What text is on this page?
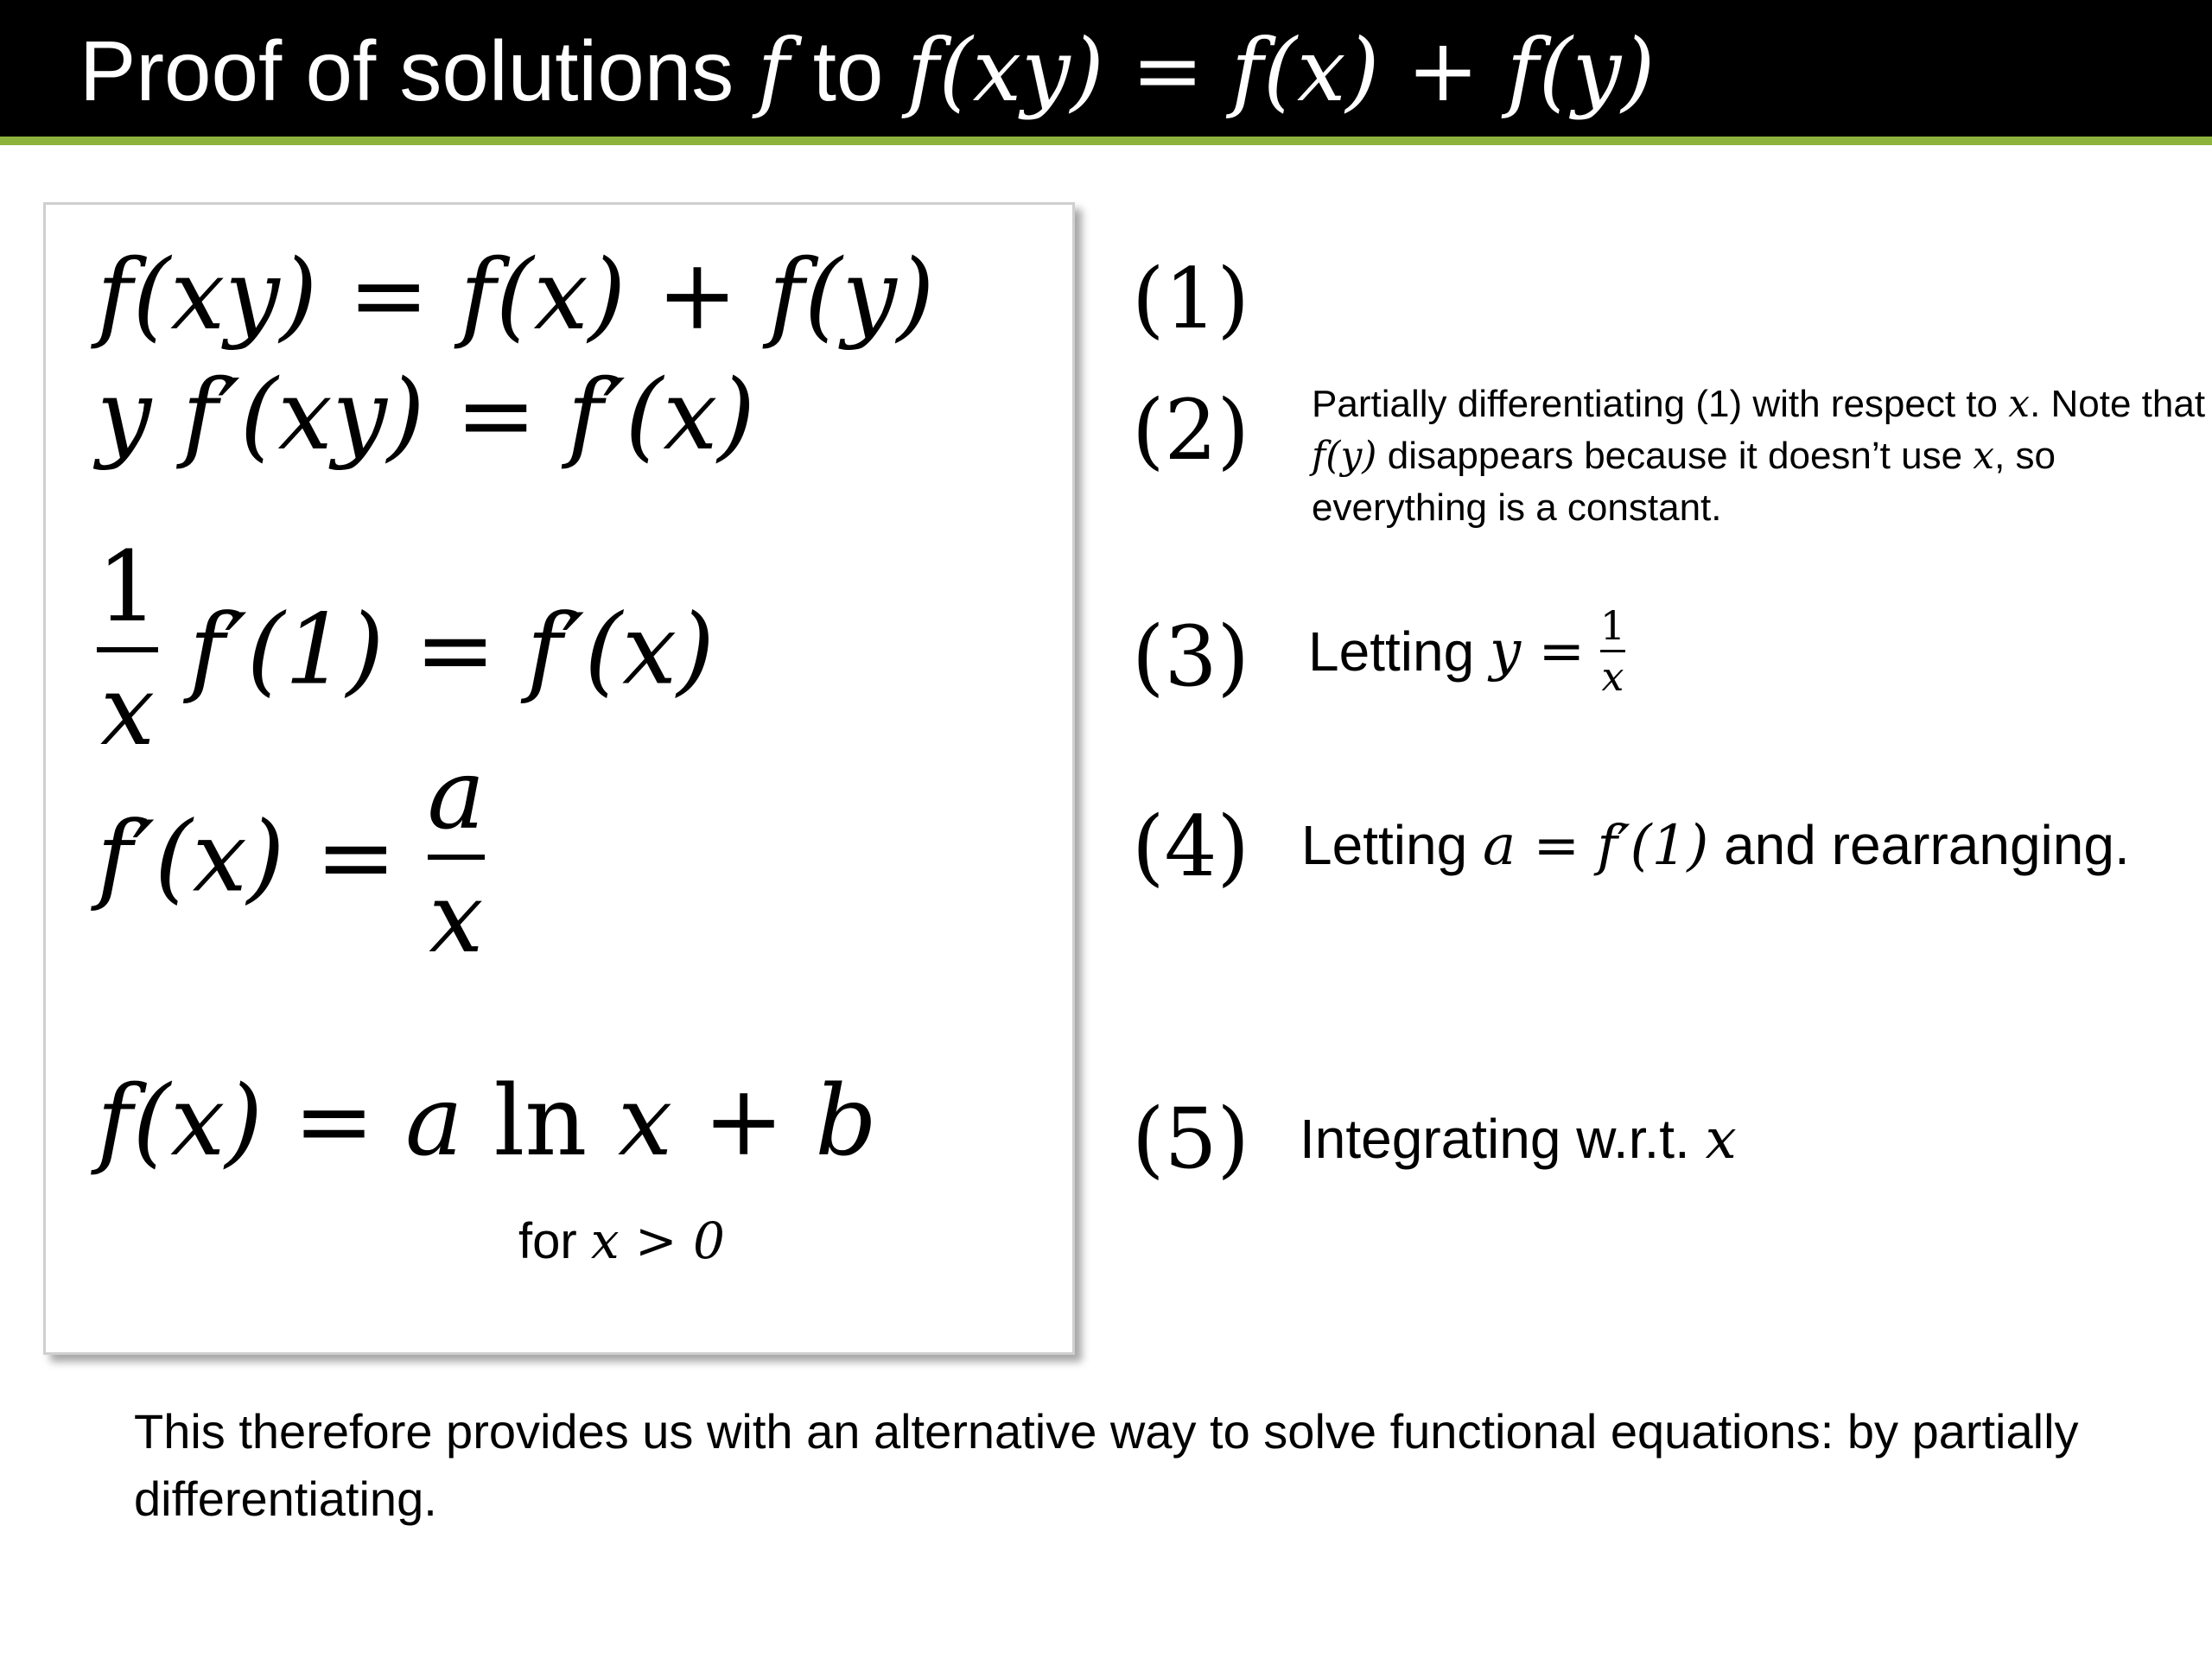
Proof of solutions f to f(xy) = f(x) + f(y)
f(xy) = f(x) + f(y)
y f′(xy) = f′(x)
1
x
f′(1) = f′(x)
f′(x) =
a
x
f(x) = a ln x + b
for x > 0
(1)
(2)
(3)
(4)
(5)
Partially differentiating (1) with respect to x. Note that f(y) disappears because it doesn’t use x, so everything is a constant.
Letting $y = \frac{1}{x}$
Letting a = f′(1) and rearranging.
Integrating w.r.t. x
This therefore provides us with an alternative way to solve functional equations: by partially differentiating.
